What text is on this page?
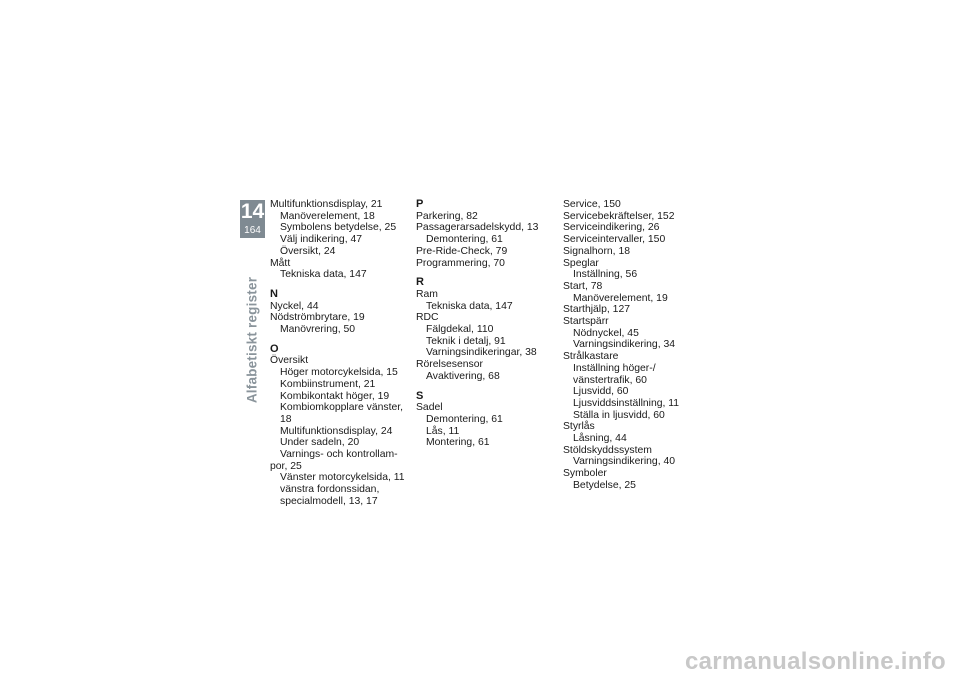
14
164
Alfabetiskt register
Multifunktionsdisplay, 21
Manöverelement, 18
Symbolens betydelse, 25
Välj indikering, 47
Översikt, 24
Mått
Tekniska data, 147
N
Nyckel, 44
Nödströmbrytare, 19
Manövrering, 50
O
Översikt
Höger motorcykelsida, 15
Kombiinstrument, 21
Kombikontakt höger, 19
Kombiomkopplare vänster, 18
Multifunktionsdisplay, 24
Under sadeln, 20
Varnings- och kontrollam-
por, 25
Vänster motorcykelsida, 11
vänstra fordonssidan,
specialmodell, 13, 17
P
Parkering, 82
Passagerarsadelskydd, 13
Demontering, 61
Pre-Ride-Check, 79
Programmering, 70
R
Ram
Tekniska data, 147
RDC
Fälgdekal, 110
Teknik i detalj, 91
Varningsindikeringar, 38
Rörelsesensor
Avaktivering, 68
S
Sadel
Demontering, 61
Lås, 11
Montering, 61
Service, 150
Servicebekräftelser, 152
Serviceindikering, 26
Serviceintervaller, 150
Signalhorn, 18
Speglar
Inställning, 56
Start, 78
Manöverelement, 19
Starthjälp, 127
Startspärr
Nödnyckel, 45
Varningsindikering, 34
Strålkastare
Inställning höger-/
vänstertrafik, 60
Ljusvidd, 60
Ljusviddsinställning, 11
Ställa in ljusvidd, 60
Styrlås
Låsning, 44
Stöldskyddssystem
Varningsindikering, 40
Symboler
Betydelse, 25
carmanualsonline.info
